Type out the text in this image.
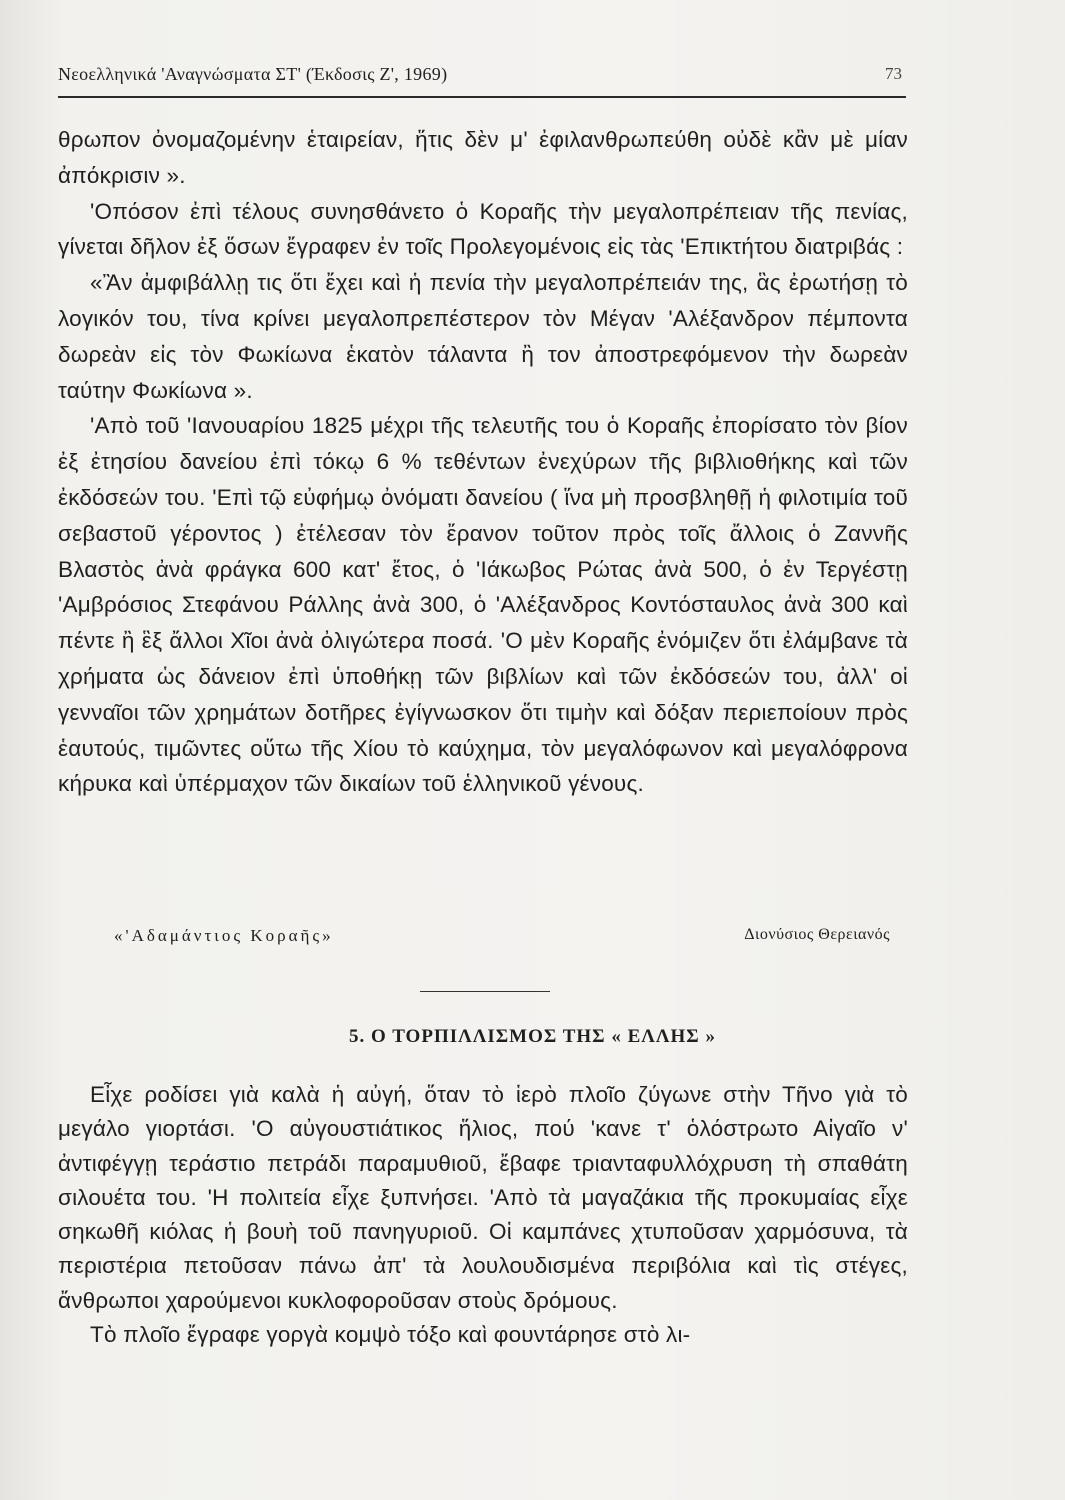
Νεοελληνικά 'Αναγνώσματα ΣΤ' (Έκδοσις Ζ', 1969)	73

θρωπον ὀνομαζομένην ἑταιρείαν, ἥτις δὲν μ' ἐφιλανθρωπεύθη οὐδὲ κἂν μὲ μίαν ἀπόκρισιν ».

'Οπόσον ἐπὶ τέλους συνησθάνετο ὁ Κοραῆς τὴν μεγαλοπρέπειαν τῆς πενίας, γίνεται δῆλον ἐξ ὅσων ἔγραφεν ἐν τοῖς Προλεγομένοις εἰς τὰς 'Επικτήτου διατριβάς :

«Ἂν ἀμφιβάλλῃ τις ὅτι ἔχει καὶ ἡ πενία τὴν μεγαλοπρέπειάν της, ἃς ἐρωτήσῃ τὸ λογικόν του, τίνα κρίνει μεγαλοπρεπέστερον τὸν Μέγαν 'Αλέξανδρον πέμποντα δωρεὰν εἰς τὸν Φωκίωνα ἑκατὸν τάλαντα ἢ τον ἀποστρεφόμενον τὴν δωρεὰν ταύτην Φωκίωνα ».

'Απὸ τοῦ 'Ιανουαρίου 1825 μέχρι τῆς τελευτῆς του ὁ Κοραῆς ἐπορίσατο τὸν βίον ἐξ ἐτησίου δανείου ἐπὶ τόκῳ 6 % τεθέντων ἐνεχύρων τῆς βιβλιοθήκης καὶ τῶν ἐκδόσεών του. 'Επὶ τῷ εὐφήμῳ ὀνόματι δανείου ( ἵνα μὴ προσβληθῇ ἡ φιλοτιμία τοῦ σεβαστοῦ γέροντος ) ἐτέλεσαν τὸν ἔρανον τοῦτον πρὸς τοῖς ἄλλοις ὁ Ζαννῆς Βλαστὸς ἀνὰ φράγκα 600 κατ' ἔτος, ὁ 'Ιάκωβος Ρώτας ἀνὰ 500, ὁ ἐν Τεργέστῃ 'Αμβρόσιος Στεφάνου Ράλλης ἀνὰ 300, ὁ 'Αλέξανδρος Κοντόσταυλος ἀνὰ 300 καὶ πέντε ἢ ἓξ ἄλλοι Χῖοι ἀνὰ ὀλιγώτερα ποσά. 'Ο μὲν Κοραῆς ἐνόμιζεν ὅτι ἐλάμβανε τὰ χρήματα ὡς δάνειον ἐπὶ ὑποθήκῃ τῶν βιβλίων καὶ τῶν ἐκδόσεών του, ἀλλ' οἱ γενναῖοι τῶν χρημάτων δοτῆρες ἐγίγνωσκον ὅτι τιμὴν καὶ δόξαν περιεποίουν πρὸς ἑαυτούς, τιμῶντες οὕτω τῆς Χίου τὸ καύχημα, τὸν μεγαλόφωνον καὶ μεγαλόφρονα κήρυκα καὶ ὑπέρμαχον τῶν δικαίων τοῦ ἑλληνικοῦ γένους.

«'Αδαμάντιος Κοραῆς»	Διονύσιος Θερειανός
5. Ο ΤΟΡΠΙΛΛΙΣΜΟΣ ΤΗΣ « ΕΛΛΗΣ »

Εἶχε ροδίσει γιὰ καλὰ ἡ αὐγή, ὅταν τὸ ἱερὸ πλοῖο ζύγωνε στὴν Τῆνο γιὰ τὸ μεγάλο γιορτάσι. 'Ο αὐγουστιάτικος ἥλιος, πού 'κανε τ' ὁλόστρωτο Αἰγαῖο ν' ἀντιφέγγῃ τεράστιο πετράδι παραμυθιοῦ, ἔβαφε τριανταφυλλόχρυση τὴ σπαθάτη σιλουέτα του. 'Η πολιτεία εἶχε ξυπνήσει. 'Απὸ τὰ μαγαζάκια τῆς προκυμαίας εἶχε σηκωθῆ κιόλας ἡ βουὴ τοῦ πανηγυριοῦ. Οἱ καμπάνες χτυποῦσαν χαρμόσυνα, τὰ περιστέρια πετοῦσαν πάνω ἀπ' τὰ λουλουδισμένα περιβόλια καὶ τὶς στέγες, ἄνθρωποι χαρούμενοι κυκλοφοροῦσαν στοὺς δρόμους.

Τὸ πλοῖο ἔγραφε γοργὰ κομψὸ τόξο καὶ φουντάρησε στὸ λι-
